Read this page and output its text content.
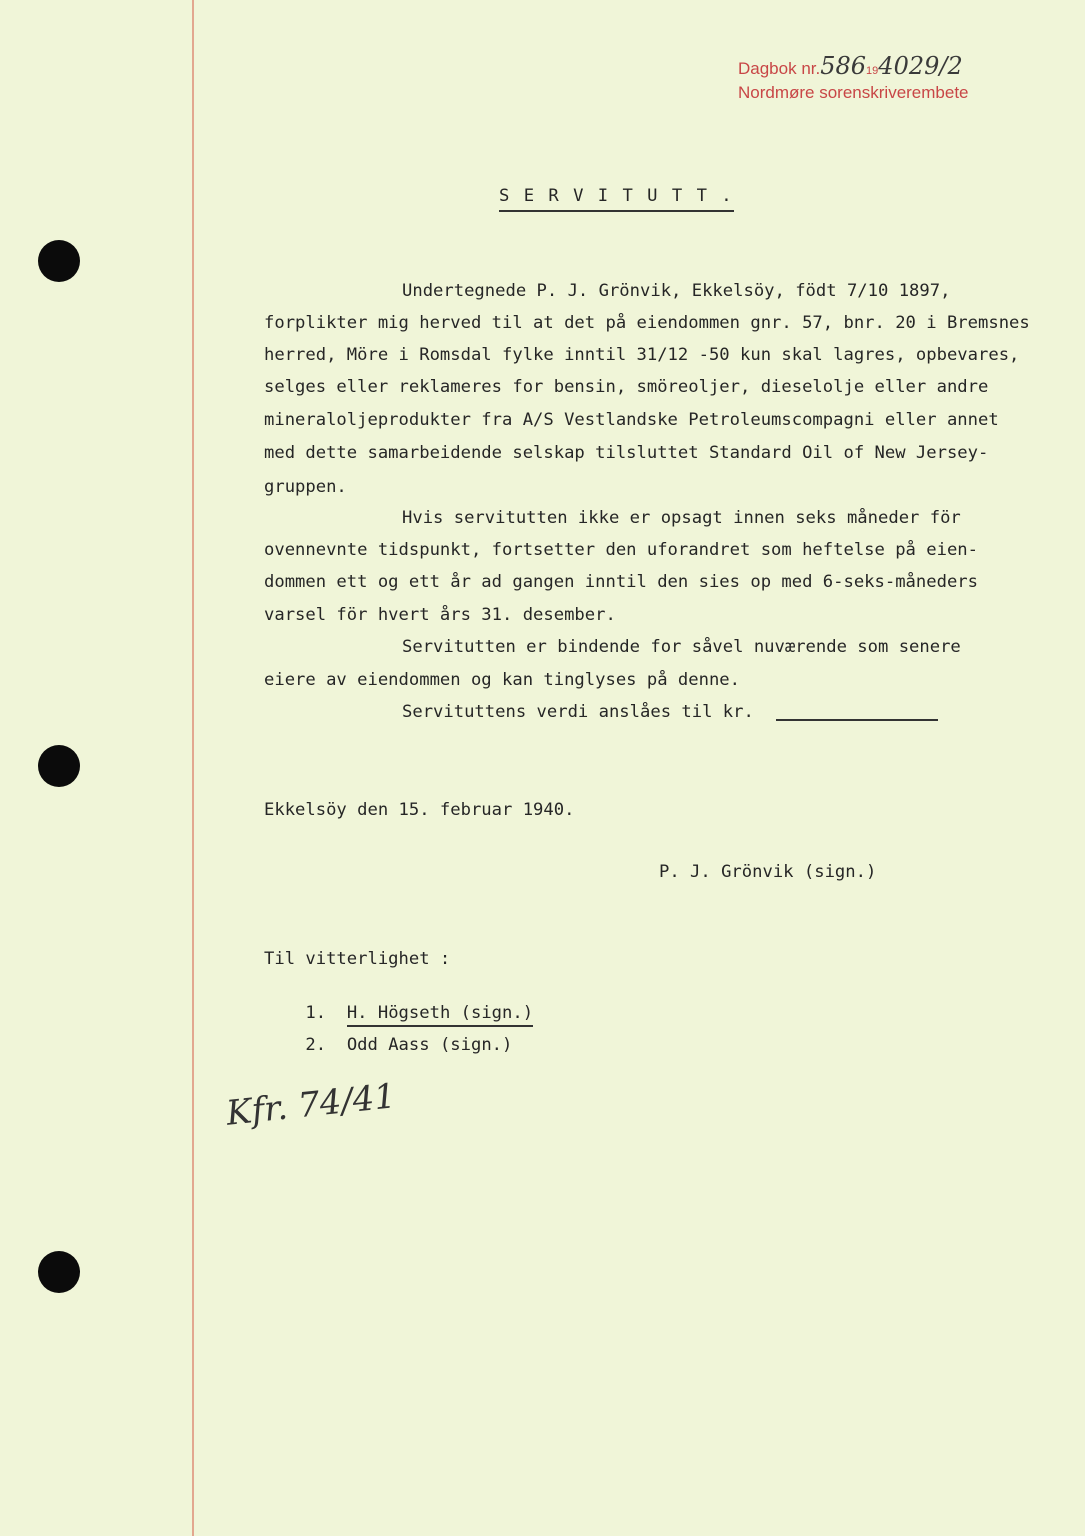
Dagbok nr.586194029/2
Nordmøre sorenskriverembete
S E R V I T U T T .
Undertegnede P. J. Grönvik, Ekkelsöy, födt 7/10 1897,
forplikter mig herved til at det på eiendommen gnr. 57, bnr. 20 i Bremsnes
herred, Möre i Romsdal fylke inntil 31/12 -50 kun skal lagres, opbevares,
selges eller reklameres for bensin, smöreoljer, dieselolje eller andre
mineraloljeprodukter fra A/S Vestlandske Petroleumscompagni eller annet
med dette samarbeidende selskap tilsluttet Standard Oil of New Jersey-
gruppen.
Hvis servitutten ikke er opsagt innen seks måneder för
ovennevnte tidspunkt, fortsetter den uforandret som heftelse på eien-
dommen ett og ett år ad gangen inntil den sies op med 6-seks-måneders
varsel för hvert års 31. desember.
Servitutten er bindende for såvel nuværende som senere
eiere av eiendommen og kan tinglyses på denne.
Servituttens verdi anslåes til kr.
Ekkelsöy den 15. februar 1940.
P. J. Grönvik (sign.)
Til vitterlighet :

1. H. Högseth (sign.)

2. Odd Aass (sign.)

Kfr. 74/41
